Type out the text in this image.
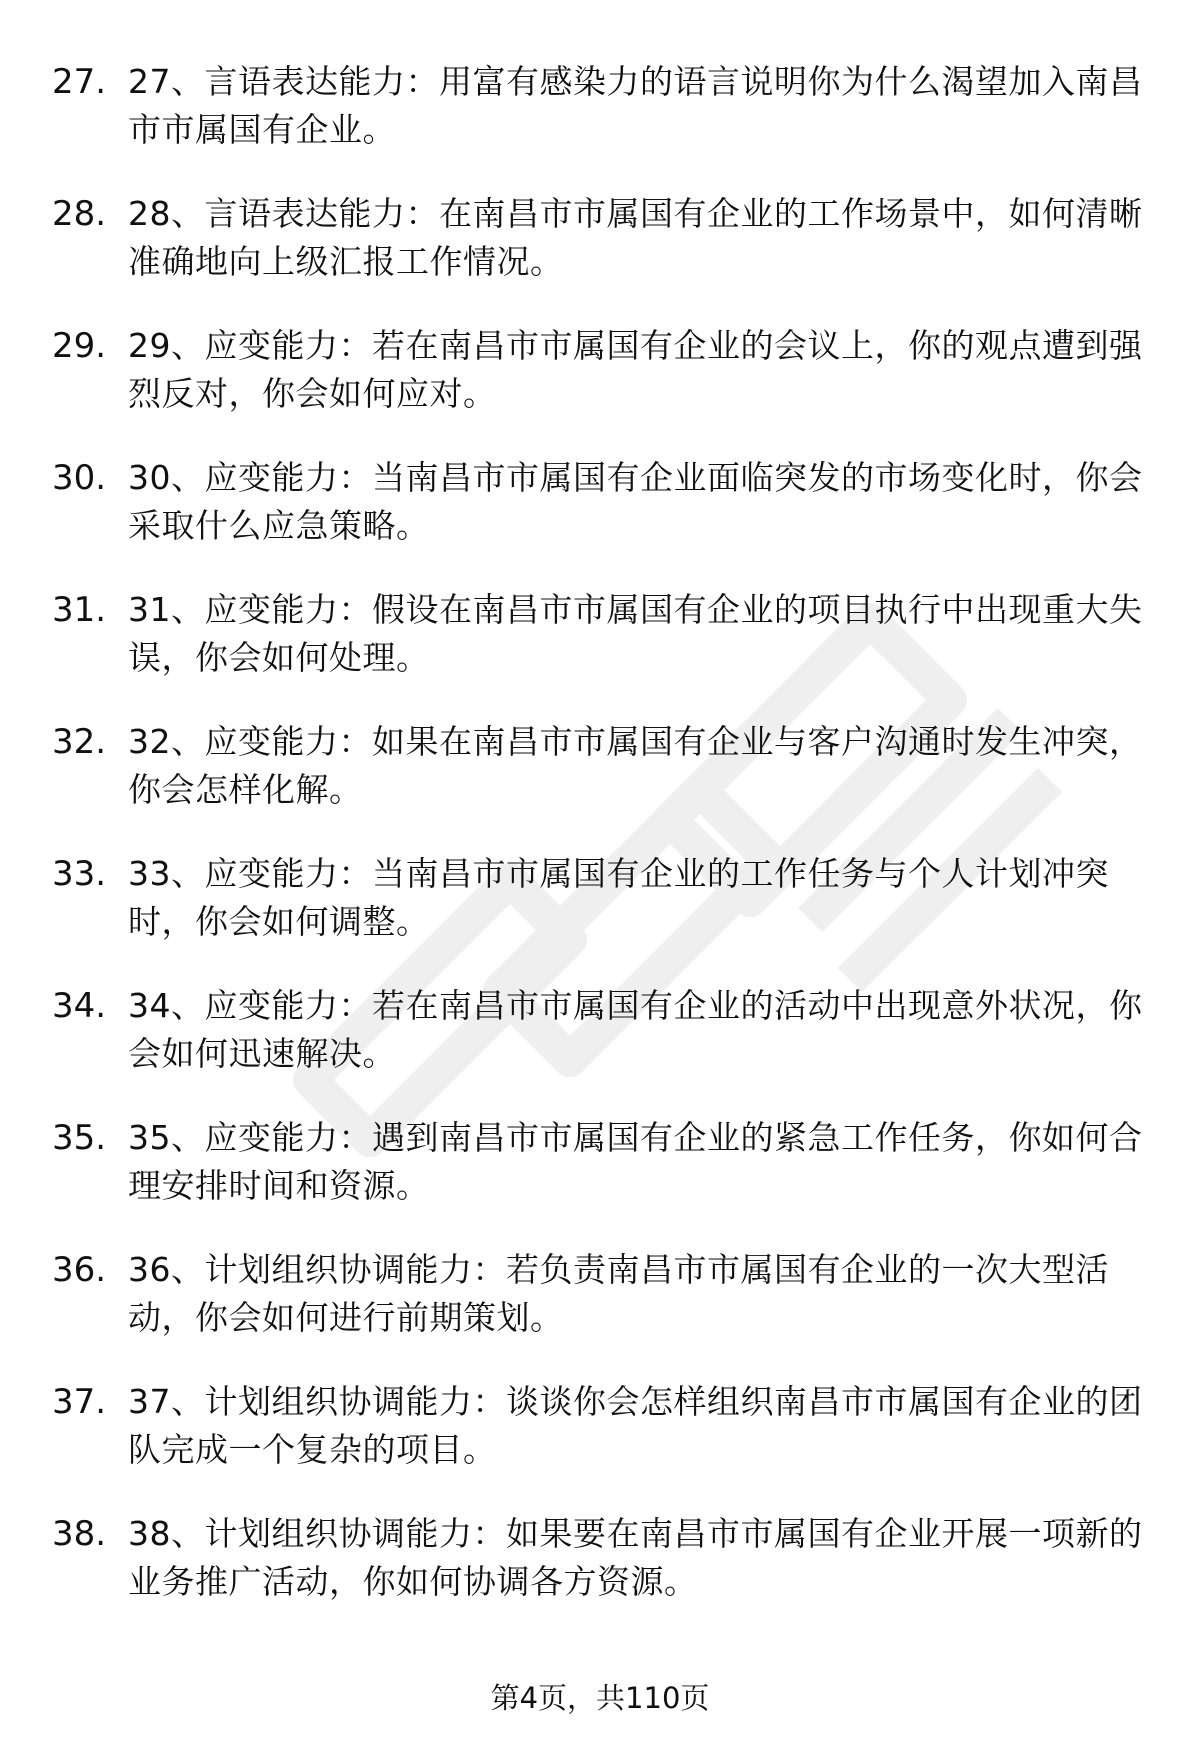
27. 27、言语表达能力：用富有感染力的语言说明你为什么渴望加入南昌市市属国有企业。
28. 28、言语表达能力：在南昌市市属国有企业的工作场景中，如何清晰准确地向上级汇报工作情况。
29. 29、应变能力：若在南昌市市属国有企业的会议上，你的观点遭到强烈反对，你会如何应对。
30. 30、应变能力：当南昌市市属国有企业面临突发的市场变化时，你会采取什么应急策略。
31. 31、应变能力：假设在南昌市市属国有企业的项目执行中出现重大失误，你会如何处理。
32. 32、应变能力：如果在南昌市市属国有企业与客户沟通时发生冲突，你会怎样化解。
33. 33、应变能力：当南昌市市属国有企业的工作任务与个人计划冲突时，你会如何调整。
34. 34、应变能力：若在南昌市市属国有企业的活动中出现意外状况，你会如何迅速解决。
35. 35、应变能力：遇到南昌市市属国有企业的紧急工作任务，你如何合理安排时间和资源。
36. 36、计划组织协调能力：若负责南昌市市属国有企业的一次大型活动，你会如何进行前期策划。
37. 37、计划组织协调能力：谈谈你会怎样组织南昌市市属国有企业的团队完成一个复杂的项目。
38. 38、计划组织协调能力：如果要在南昌市市属国有企业开展一项新的业务推广活动，你如何协调各方资源。
第4页，共110页
